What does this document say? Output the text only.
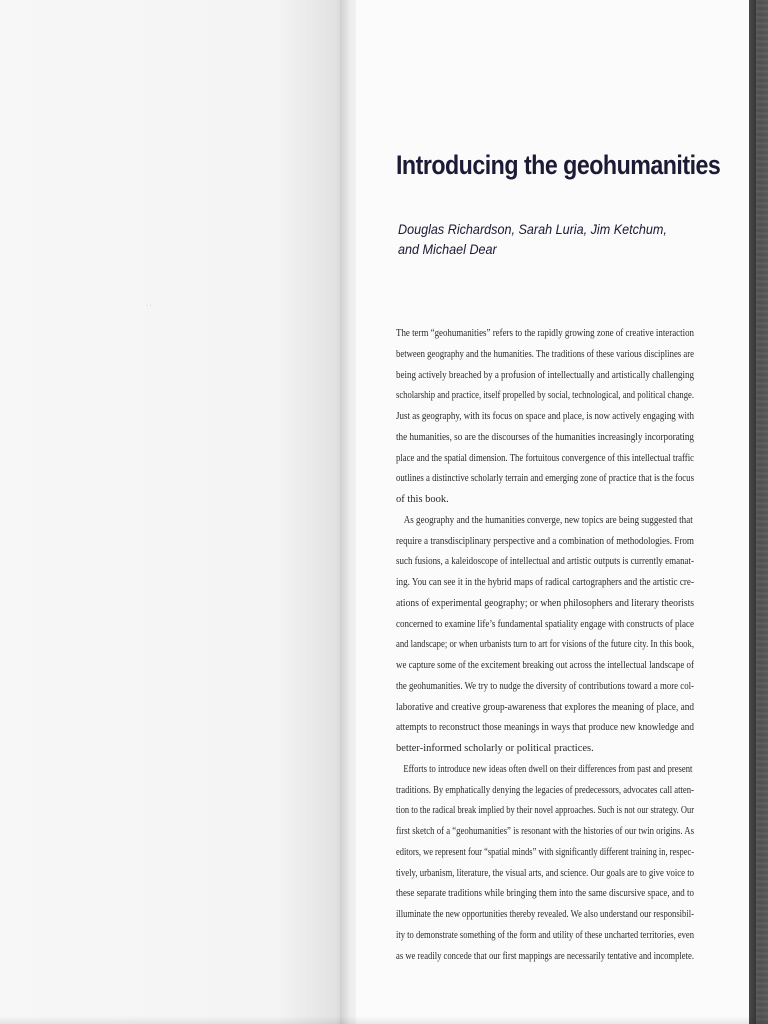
· ·
Introducing the geohumanities
Douglas Richardson, Sarah Luria, Jim Ketchum,
and Michael Dear
The term “geohumanities” refers to the rapidly growing zone of creative interaction
between geography and the humanities. The traditions of these various disciplines are
being actively breached by a profusion of intellectually and artistically challenging
scholarship and practice, itself propelled by social, technological, and political change.
Just as geography, with its focus on space and place, is now actively engaging with
the humanities, so are the discourses of the humanities increasingly incorporating
place and the spatial dimension. The fortuitous convergence of this intellectual traffic
outlines a distinctive scholarly terrain and emerging zone of practice that is the focus
of this book.
As geography and the humanities converge, new topics are being suggested that
require a transdisciplinary perspective and a combination of methodologies. From
such fusions, a kaleidoscope of intellectual and artistic outputs is currently emanat-
ing. You can see it in the hybrid maps of radical cartographers and the artistic cre-
ations of experimental geography; or when philosophers and literary theorists
concerned to examine life’s fundamental spatiality engage with constructs of place
and landscape; or when urbanists turn to art for visions of the future city. In this book,
we capture some of the excitement breaking out across the intellectual landscape of
the geohumanities. We try to nudge the diversity of contributions toward a more col-
laborative and creative group-awareness that explores the meaning of place, and
attempts to reconstruct those meanings in ways that produce new knowledge and
better-informed scholarly or political practices.
Efforts to introduce new ideas often dwell on their differences from past and present
traditions. By emphatically denying the legacies of predecessors, advocates call atten-
tion to the radical break implied by their novel approaches. Such is not our strategy. Our
first sketch of a “geohumanities” is resonant with the histories of our twin origins. As
editors, we represent four “spatial minds” with significantly different training in, respec-
tively, urbanism, literature, the visual arts, and science. Our goals are to give voice to
these separate traditions while bringing them into the same discursive space, and to
illuminate the new opportunities thereby revealed. We also understand our responsibil-
ity to demonstrate something of the form and utility of these uncharted territories, even
as we readily concede that our first mappings are necessarily tentative and incomplete.
